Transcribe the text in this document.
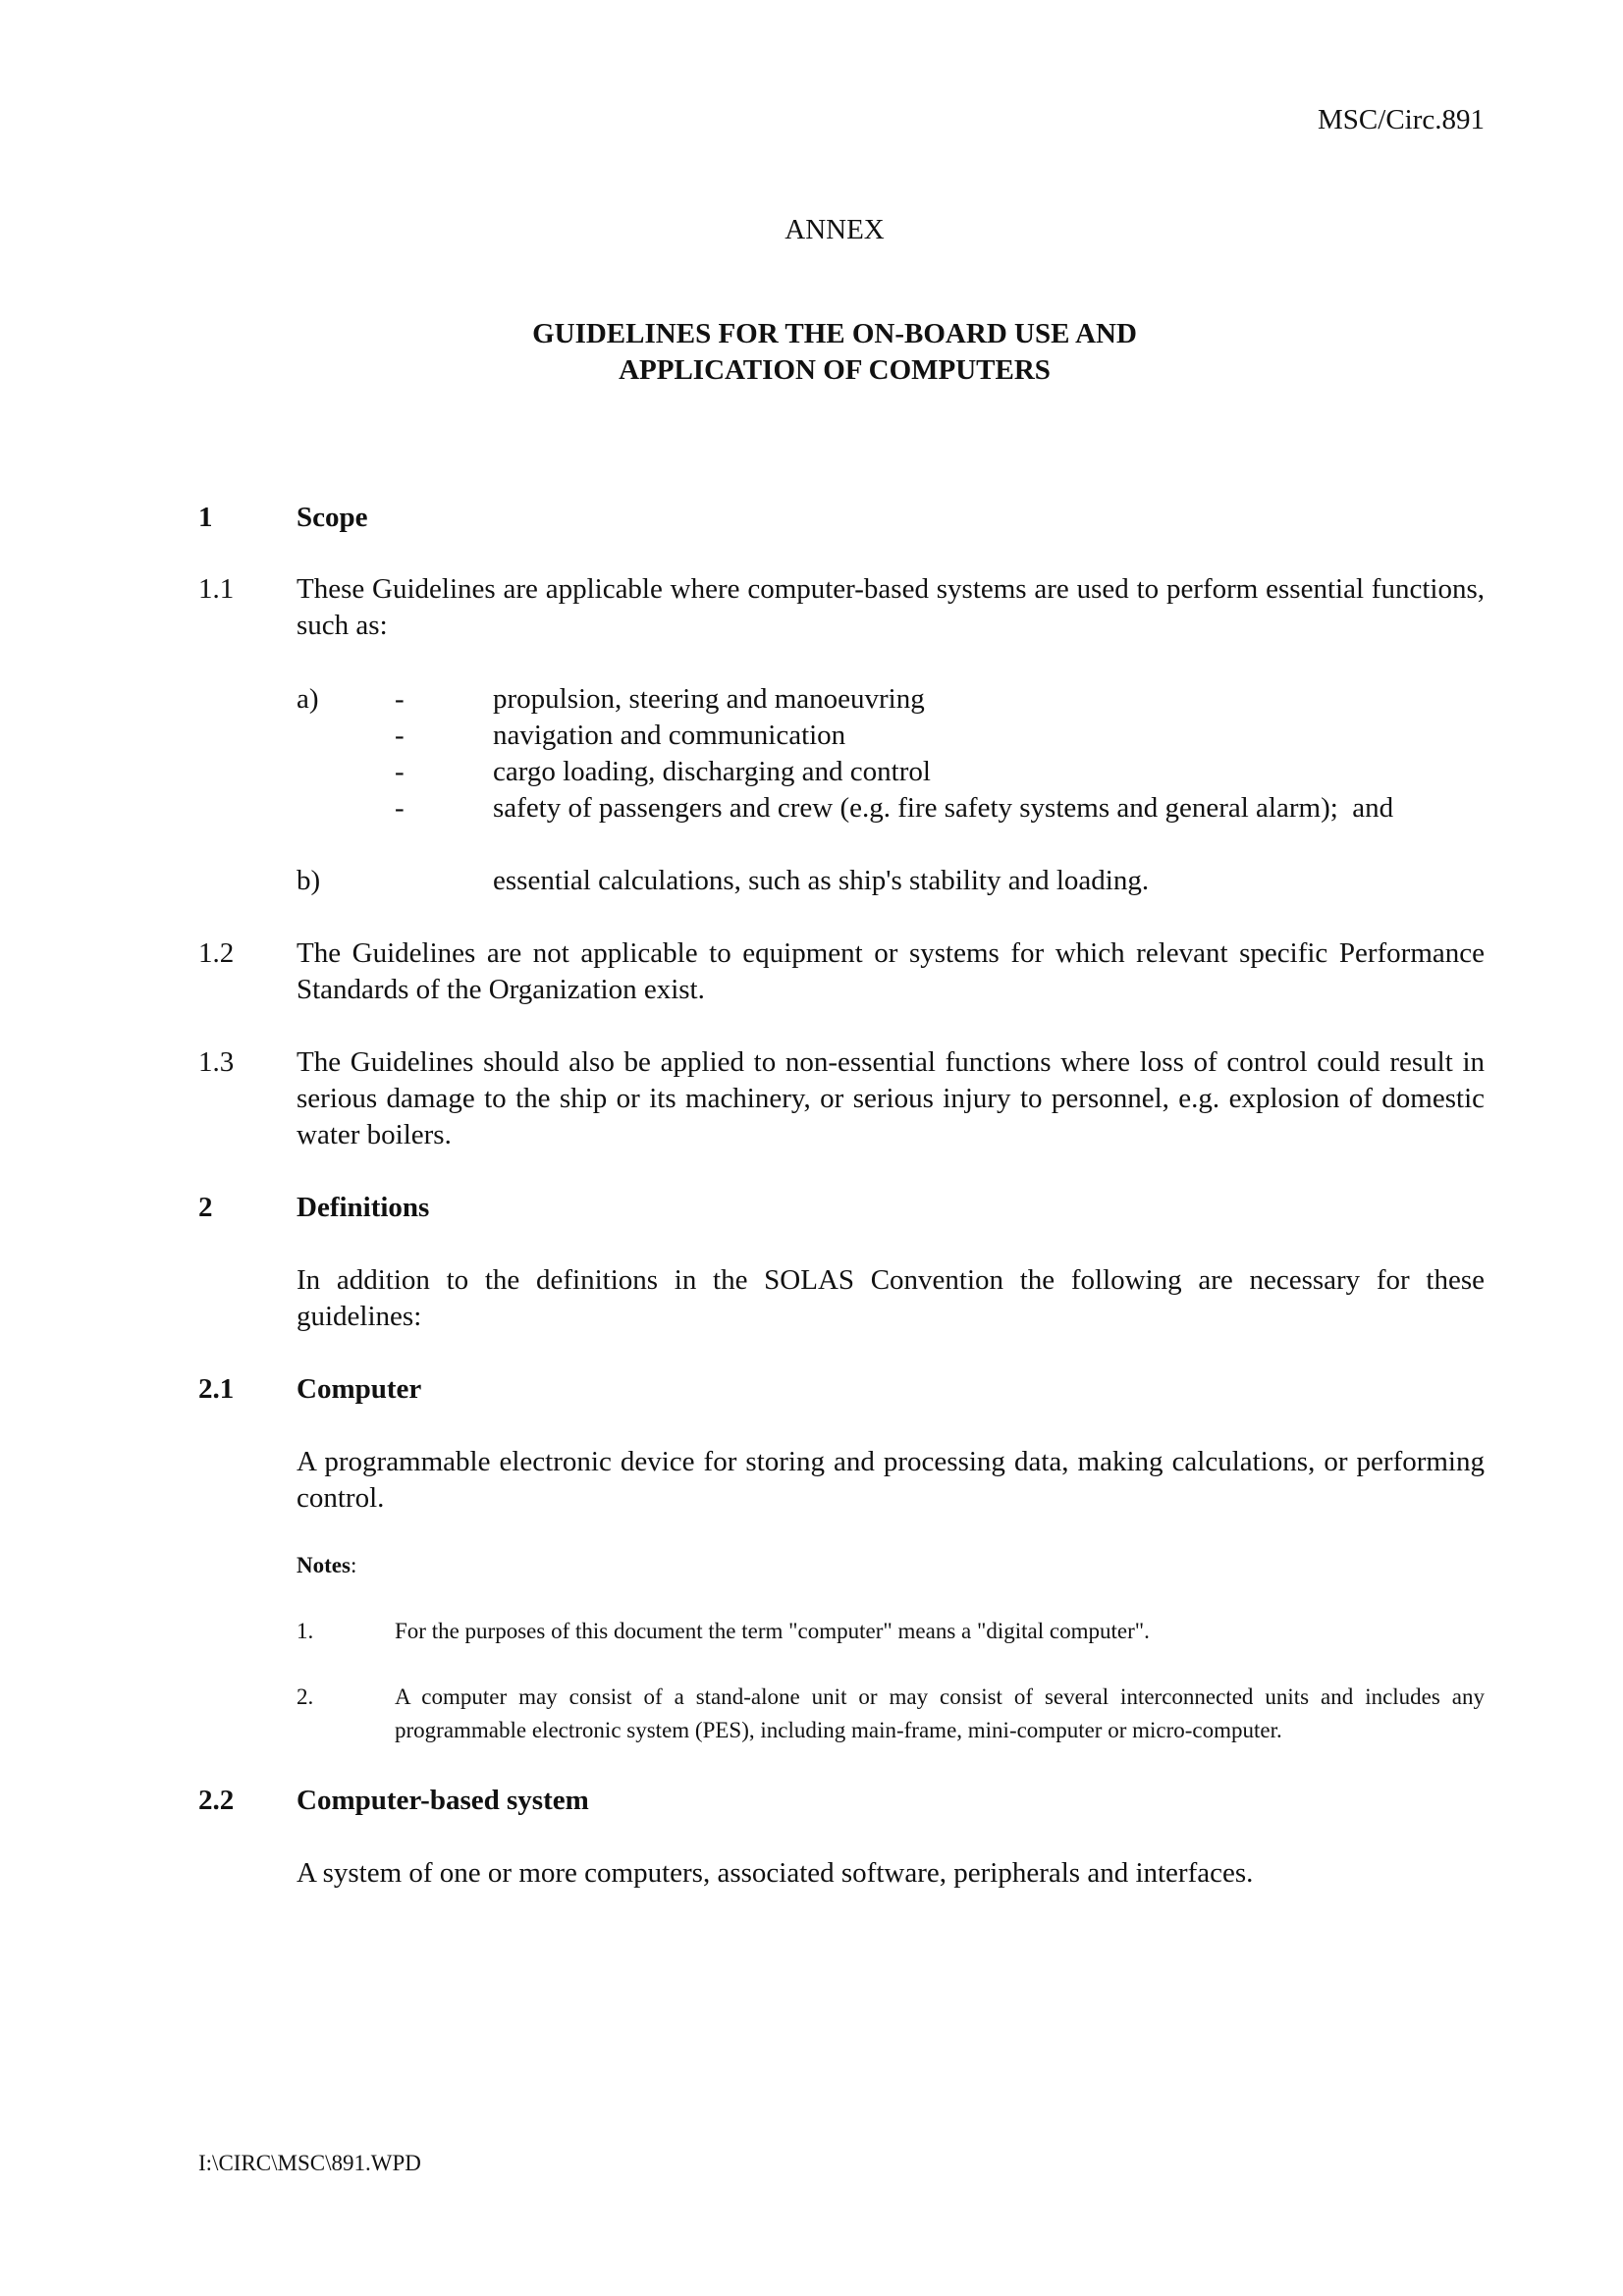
MSC/Circ.891
ANNEX
GUIDELINES FOR THE ON-BOARD USE AND
APPLICATION OF COMPUTERS
1	Scope
1.1 These Guidelines are applicable where computer-based systems are used to perform essential functions, such as:
a)	-	propulsion, steering and manoeuvring
-	navigation and communication
-	cargo loading, discharging and control
-	safety of passengers and crew (e.g. fire safety systems and general alarm);  and
b)	essential calculations, such as ship's stability and loading.
1.2 The Guidelines are not applicable to equipment or systems for which relevant specific Performance Standards of the Organization exist.
1.3 The Guidelines should also be applied to non-essential functions where loss of control could result in serious damage to the ship or its machinery, or serious injury to personnel, e.g. explosion of domestic water boilers.
2	Definitions
In addition to the definitions in the SOLAS Convention the following are necessary for these guidelines:
2.1 Computer
A programmable electronic device for storing and processing data, making calculations, or performing control.
Notes:
1.	For the purposes of this document the term "computer" means a "digital computer".
2.	A computer may consist of a stand-alone unit or may consist of several interconnected units and includes any programmable electronic system (PES), including main-frame, mini-computer or micro-computer.
2.2 Computer-based system
A system of one or more computers, associated software, peripherals and interfaces.
I:\CIRC\MSC\891.WPD
